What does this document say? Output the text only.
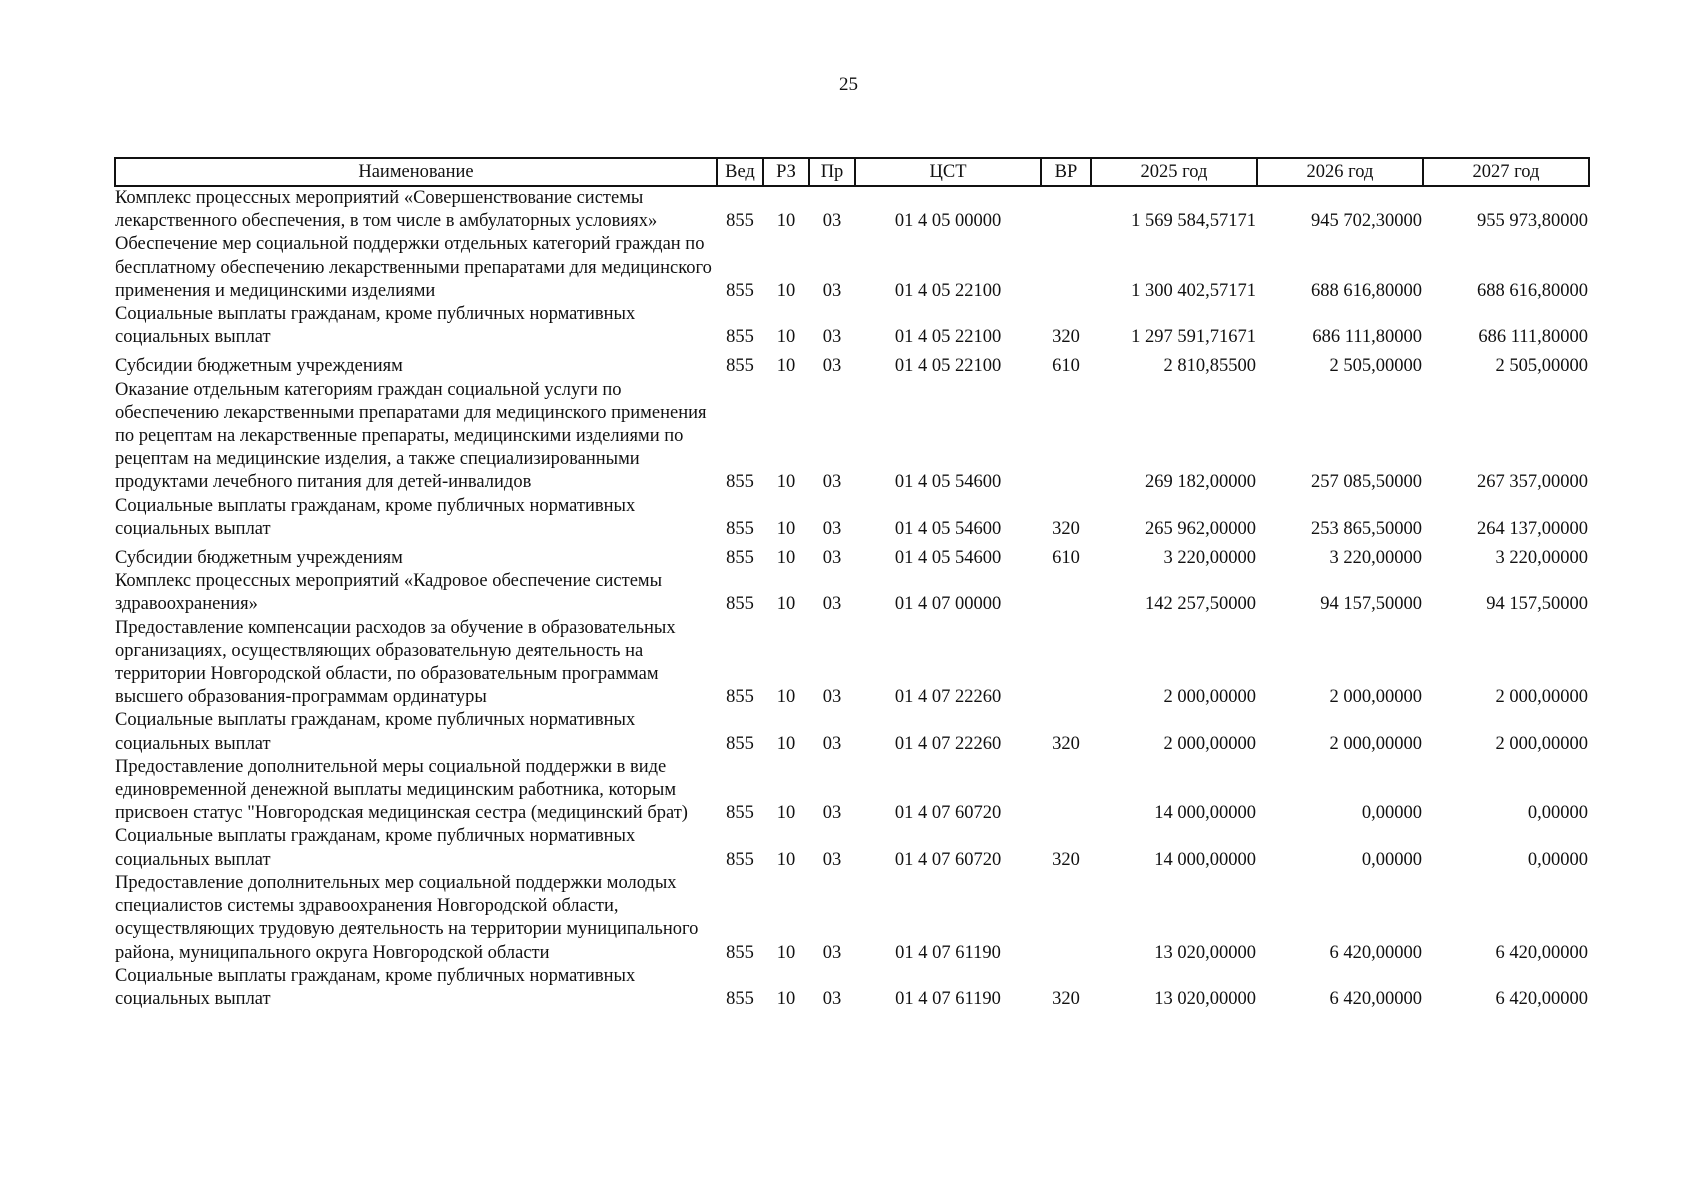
25
Наименование	Вед	РЗ	Пр	ЦСТ	ВР	2025 год	2026 год	2027 год
Комплекс процессных мероприятий «Совершенствование системы лекарственного обеспечения, в том числе в амбулаторных условиях»	855	10	03	01 4 05 00000		1 569 584,57171	945 702,30000	955 973,80000
Обеспечение мер социальной поддержки отдельных категорий граждан по бесплатному обеспечению лекарственными препаратами для медицинского применения и медицинскими изделиями	855	10	03	01 4 05 22100		1 300 402,57171	688 616,80000	688 616,80000
Социальные выплаты гражданам, кроме публичных нормативных социальных выплат	855	10	03	01 4 05 22100	320	1 297 591,71671	686 111,80000	686 111,80000
Субсидии бюджетным учреждениям	855	10	03	01 4 05 22100	610	2 810,85500	2 505,00000	2 505,00000
Оказание отдельным категориям граждан социальной услуги по обеспечению лекарственными препаратами для медицинского применения по рецептам на лекарственные препараты, медицинскими изделиями по рецептам на медицинские изделия, а также специализированными продуктами лечебного питания для детей-инвалидов	855	10	03	01 4 05 54600		269 182,00000	257 085,50000	267 357,00000
Социальные выплаты гражданам, кроме публичных нормативных социальных выплат	855	10	03	01 4 05 54600	320	265 962,00000	253 865,50000	264 137,00000
Субсидии бюджетным учреждениям	855	10	03	01 4 05 54600	610	3 220,00000	3 220,00000	3 220,00000
Комплекс процессных мероприятий «Кадровое обеспечение системы здравоохранения»	855	10	03	01 4 07 00000		142 257,50000	94 157,50000	94 157,50000
Предоставление компенсации расходов за обучение в образовательных организациях, осуществляющих образовательную деятельность на территории Новгородской области, по образовательным программам высшего образования-программам ординатуры	855	10	03	01 4 07 22260		2 000,00000	2 000,00000	2 000,00000
Социальные выплаты гражданам, кроме публичных нормативных социальных выплат	855	10	03	01 4 07 22260	320	2 000,00000	2 000,00000	2 000,00000
Предоставление дополнительной меры социальной поддержки в виде единовременной денежной выплаты медицинским работника, которым присвоен статус "Новгородская медицинская сестра (медицинский брат)	855	10	03	01 4 07 60720		14 000,00000	0,00000	0,00000
Социальные выплаты гражданам, кроме публичных нормативных социальных выплат	855	10	03	01 4 07 60720	320	14 000,00000	0,00000	0,00000
Предоставление дополнительных мер социальной поддержки молодых специалистов системы здравоохранения Новгородской области, осуществляющих трудовую деятельность на территории муниципального района, муниципального округа Новгородской области	855	10	03	01 4 07 61190		13 020,00000	6 420,00000	6 420,00000
Социальные выплаты гражданам, кроме публичных нормативных социальных выплат	855	10	03	01 4 07 61190	320	13 020,00000	6 420,00000	6 420,00000
